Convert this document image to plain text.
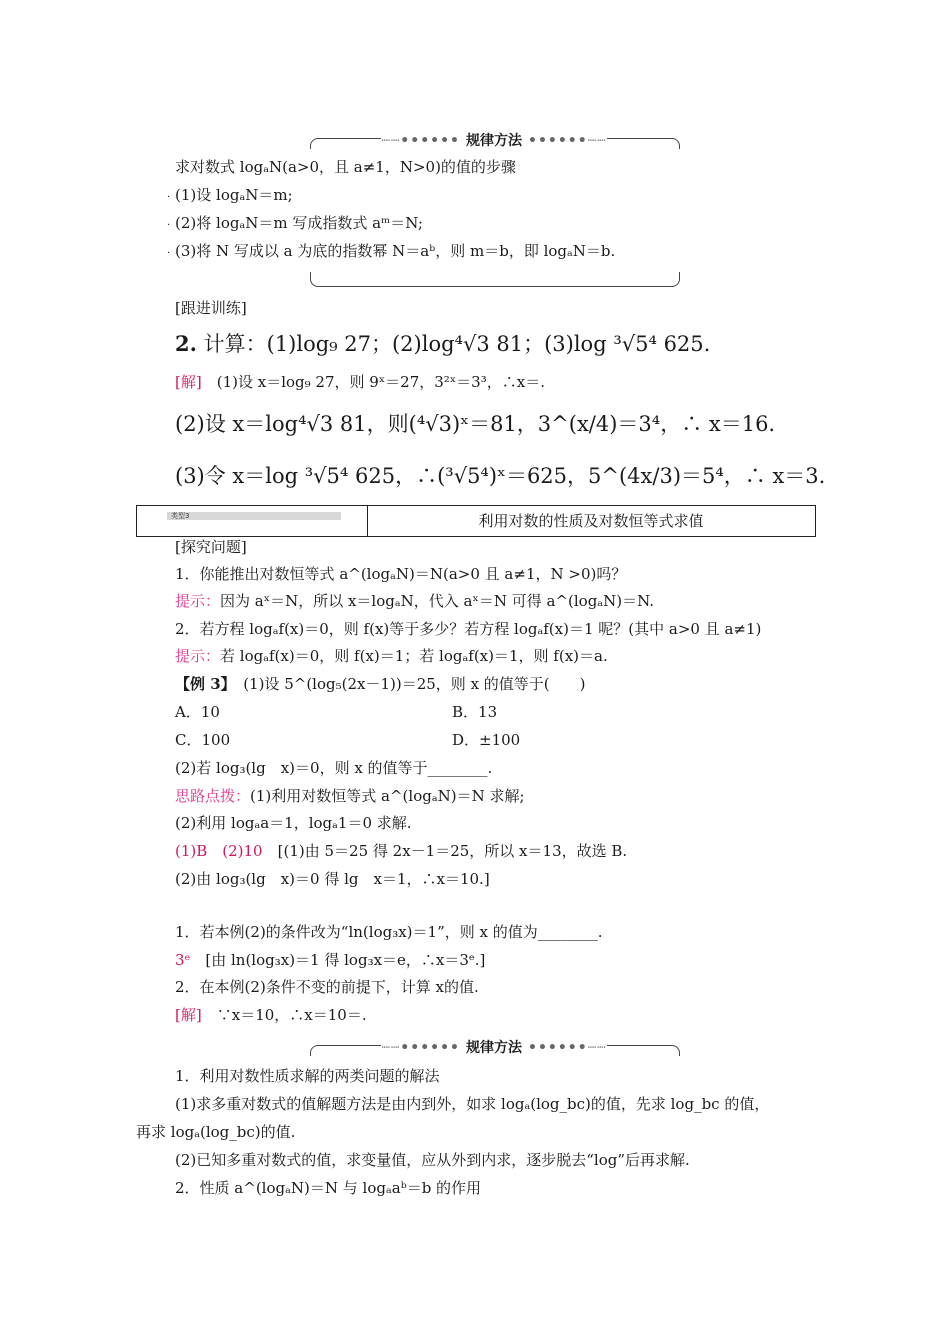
┈┈•••••• 规律方法 ••••••┈┈
求对数式 logₐN(a>0，且 a≠1，N>0)的值的步骤
· (1)设 logₐN＝m;
· (2)将 logₐN＝m 写成指数式 aᵐ＝N;
· (3)将 N 写成以 a 为底的指数幂 N＝aᵇ，则 m＝b，即 logₐN＝b.
[跟进训练]
2. 计算：(1)log₉ 27；(2)log⁴√3 81；(3)log ³√5⁴ 625.
[解]　 (1)设 x＝log₉ 27，则 9ˣ＝27，3²ˣ＝3³，∴x＝.
(2)设 x＝log⁴√3 81，则(⁴√3)ˣ＝81，3^(x/4)＝3⁴，∴ x＝16.
(3)令 x＝log ³√5⁴ 625，∴(³√5⁴)ˣ＝625，5^(4x/3)＝5⁴，∴ x＝3.
类型3	利用对数的性质及对数恒等式求值
[探究问题]
1．你能推出对数恒等式 a^(logₐN)＝N(a>0 且 a≠1，N >0)吗？
提示：因为 aˣ＝N，所以 x＝logₐN，代入 aˣ＝N 可得 a^(logₐN)＝N.
2．若方程 logₐf(x)＝0，则 f(x)等于多少？若方程 logₐf(x)＝1 呢？(其中 a>0 且 a≠1)
提示：若 logₐf(x)＝0，则 f(x)＝1；若 logₐf(x)＝1，则 f(x)＝a.
【例 3】　 (1)设 5^(log₅(2x－1))＝25，则 x 的值等于(　　)
A．10	B．13
C．100	D．±100
(2)若 log₃(lg　x)＝0，则 x 的值等于________.
思路点拨：(1)利用对数恒等式 a^(logₐN)＝N 求解;
(2)利用 logₐa＝1，logₐ1＝0 求解.
(1)B　(2)10　 [(1)由 5＝25 得 2x－1＝25，所以 x＝13，故选 B.
(2)由 log₃(lg　x)＝0 得 lg　x＝1，∴x＝10.]
1．若本例(2)的条件改为“ln(log₃x)＝1”，则 x 的值为________.
3ᵉ　 [由 ln(log₃x)＝1 得 log₃x＝e，∴x＝3ᵉ.]
2．在本例(2)条件不变的前提下，计算 x的值.
[解]　 ∵x＝10，∴x＝10＝.
┈┈•••••• 规律方法 ••••••┈┈
1．利用对数性质求解的两类问题的解法
(1)求多重对数式的值解题方法是由内到外，如求 logₐ(log_bc)的值，先求 log_bc 的值，
再求 logₐ(log_bc)的值.
(2)已知多重对数式的值，求变量值，应从外到内求，逐步脱去“log”后再求解.
2．性质 a^(logₐN)＝N 与 logₐaᵇ＝b 的作用
